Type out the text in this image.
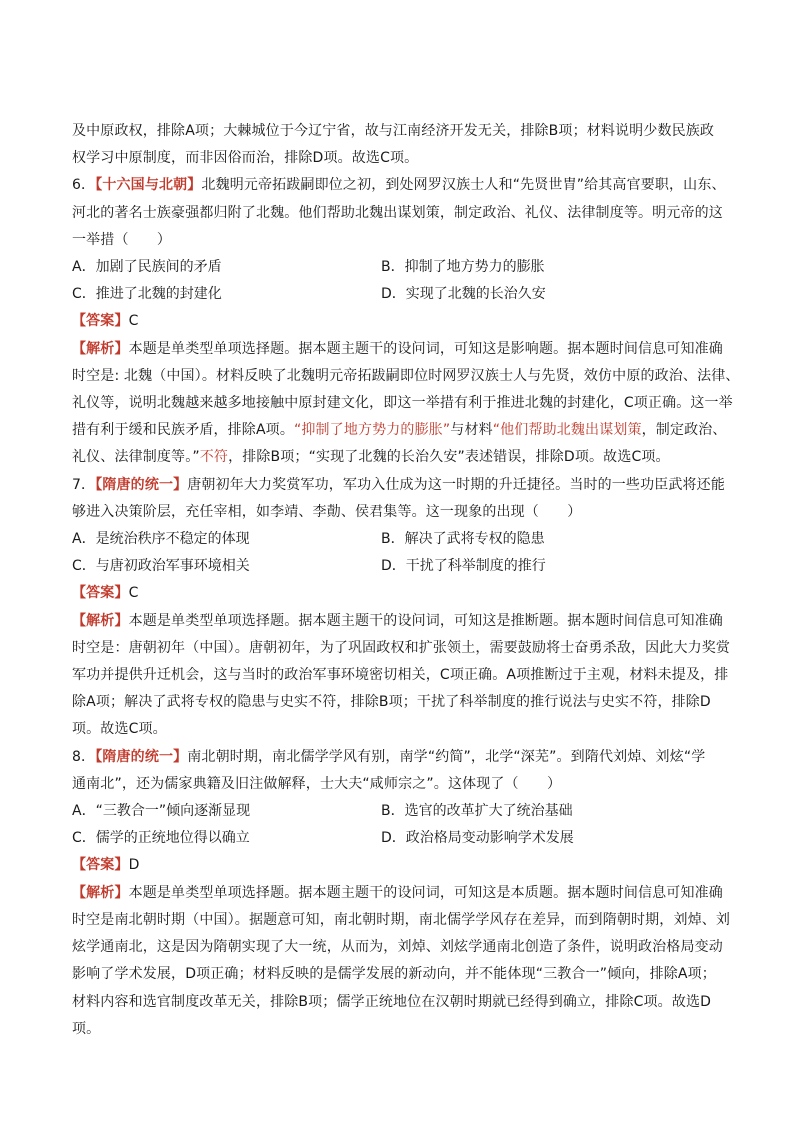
及中原政权，排除A项；大棘城位于今辽宁省，故与江南经济开发无关，排除B项；材料说明少数民族政
权学习中原制度，而非因俗而治，排除D项。故选C项。
6．【十六国与北朝】北魏明元帝拓跋嗣即位之初，到处网罗汉族士人和“先贤世胄”给其高官要职，山东、
河北的著名士族豪强都归附了北魏。他们帮助北魏出谋划策，制定政治、礼仪、法律制度等。明元帝的这
一举措（　　）
A．加剧了民族间的矛盾	B．抑制了地方势力的膨胀
C．推进了北魏的封建化	D．实现了北魏的长治久安
【答案】C
【解析】本题是单类型单项选择题。据本题主题干的设问词，可知这是影响题。据本题时间信息可知准确
时空是: 北魏（中国）。材料反映了北魏明元帝拓跋嗣即位时网罗汉族士人与先贤，效仿中原的政治、法律、
礼仪等，说明北魏越来越多地接触中原封建文化，即这一举措有利于推进北魏的封建化，C项正确。这一举
措有利于缓和民族矛盾，排除A项。“抑制了地方势力的膨胀”与材料“他们帮助北魏出谋划策，制定政治、
礼仪、法律制度等。”不符，排除B项；“实现了北魏的长治久安”表述错误，排除D项。故选C项。
7．【隋唐的统一】唐朝初年大力奖赏军功，军功入仕成为这一时期的升迁捷径。当时的一些功臣武将还能
够进入决策阶层，充任宰相，如李靖、李勣、侯君集等。这一现象的出现（　　）
A．是统治秩序不稳定的体现	B．解决了武将专权的隐患
C．与唐初政治军事环境相关	D．干扰了科举制度的推行
【答案】C
【解析】本题是单类型单项选择题。据本题主题干的设问词，可知这是推断题。据本题时间信息可知准确
时空是：唐朝初年（中国）。唐朝初年，为了巩固政权和扩张领土，需要鼓励将士奋勇杀敌，因此大力奖赏
军功并提供升迁机会，这与当时的政治军事环境密切相关，C项正确。A项推断过于主观，材料未提及，排
除A项；解决了武将专权的隐患与史实不符，排除B项；干扰了科举制度的推行说法与史实不符，排除D
项。故选C项。
8．【隋唐的统一】南北朝时期，南北儒学学风有别，南学“约简”，北学“深芜”。到隋代刘焯、刘炫“学
通南北”，还为儒家典籍及旧注做解释，士大夫“咸师宗之”。这体现了（　　）
A．“三教合一”倾向逐渐显现	B．选官的改革扩大了统治基础
C．儒学的正统地位得以确立	D．政治格局变动影响学术发展
【答案】D
【解析】本题是单类型单项选择题。据本题主题干的设问词，可知这是本质题。据本题时间信息可知准确
时空是南北朝时期（中国）。据题意可知，南北朝时期，南北儒学学风存在差异，而到隋朝时期，刘焯、刘
炫学通南北，这是因为隋朝实现了大一统，从而为，刘焯、刘炫学通南北创造了条件，说明政治格局变动
影响了学术发展，D项正确；材料反映的是儒学发展的新动向，并不能体现“三教合一”倾向，排除A项；
材料内容和选官制度改革无关，排除B项；儒学正统地位在汉朝时期就已经得到确立，排除C项。故选D
项。
